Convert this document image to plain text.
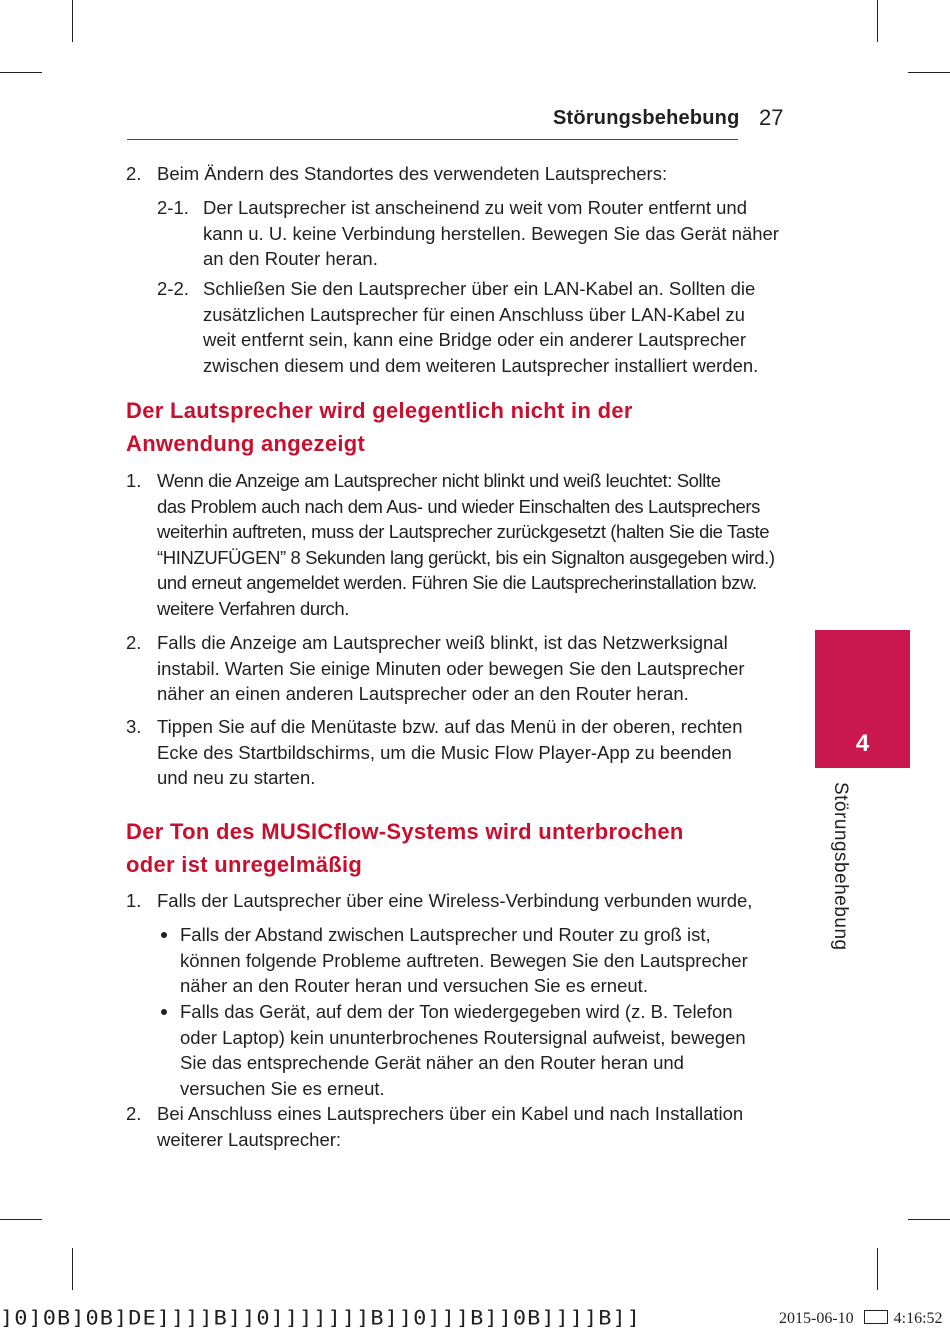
Störungsbehebung 27
2. Beim Ändern des Standortes des verwendeten Lautsprechers:
2-1. Der Lautsprecher ist anscheinend zu weit vom Router entfernt und
kann u. U. keine Verbindung herstellen. Bewegen Sie das Gerät näher
an den Router heran.
2-2. Schließen Sie den Lautsprecher über ein LAN-Kabel an. Sollten die
zusätzlichen Lautsprecher für einen Anschluss über LAN-Kabel zu
weit entfernt sein, kann eine Bridge oder ein anderer Lautsprecher
zwischen diesem und dem weiteren Lautsprecher installiert werden.
Der Lautsprecher wird gelegentlich nicht in der
Anwendung angezeigt
1. Wenn die Anzeige am Lautsprecher nicht blinkt und weiß leuchtet: Sollte
das Problem auch nach dem Aus- und wieder Einschalten des Lautsprechers
weiterhin auftreten, muss der Lautsprecher zurückgesetzt (halten Sie die Taste
“HINZUFÜGEN” 8 Sekunden lang gerückt, bis ein Signalton ausgegeben wird.)
und erneut angemeldet werden. Führen Sie die Lautsprecherinstallation bzw.
weitere Verfahren durch.
2. Falls die Anzeige am Lautsprecher weiß blinkt, ist das Netzwerksignal
instabil. Warten Sie einige Minuten oder bewegen Sie den Lautsprecher
näher an einen anderen Lautsprecher oder an den Router heran.
3. Tippen Sie auf die Menütaste bzw. auf das Menü in der oberen, rechten
Ecke des Startbildschirms, um die Music Flow Player-App zu beenden
und neu zu starten.
Der Ton des MUSICflow-Systems wird unterbrochen
oder ist unregelmäßig
1. Falls der Lautsprecher über eine Wireless-Verbindung verbunden wurde,
Falls der Abstand zwischen Lautsprecher und Router zu groß ist,
können folgende Probleme auftreten. Bewegen Sie den Lautsprecher
näher an den Router heran und versuchen Sie es erneut.
Falls das Gerät, auf dem der Ton wiedergegeben wird (z. B. Telefon
oder Laptop) kein ununterbrochenes Routersignal aufweist, bewegen
Sie das entsprechende Gerät näher an den Router heran und
versuchen Sie es erneut.
2. Bei Anschluss eines Lautsprechers über ein Kabel und nach Installation
weiterer Lautsprecher:
4
Störungsbehebung
]0]0B]0B]DE]]]]B]]0]]]]]]]B]]0]]]B]]0B]]]]B]]	2015-06-10	4:16:52
